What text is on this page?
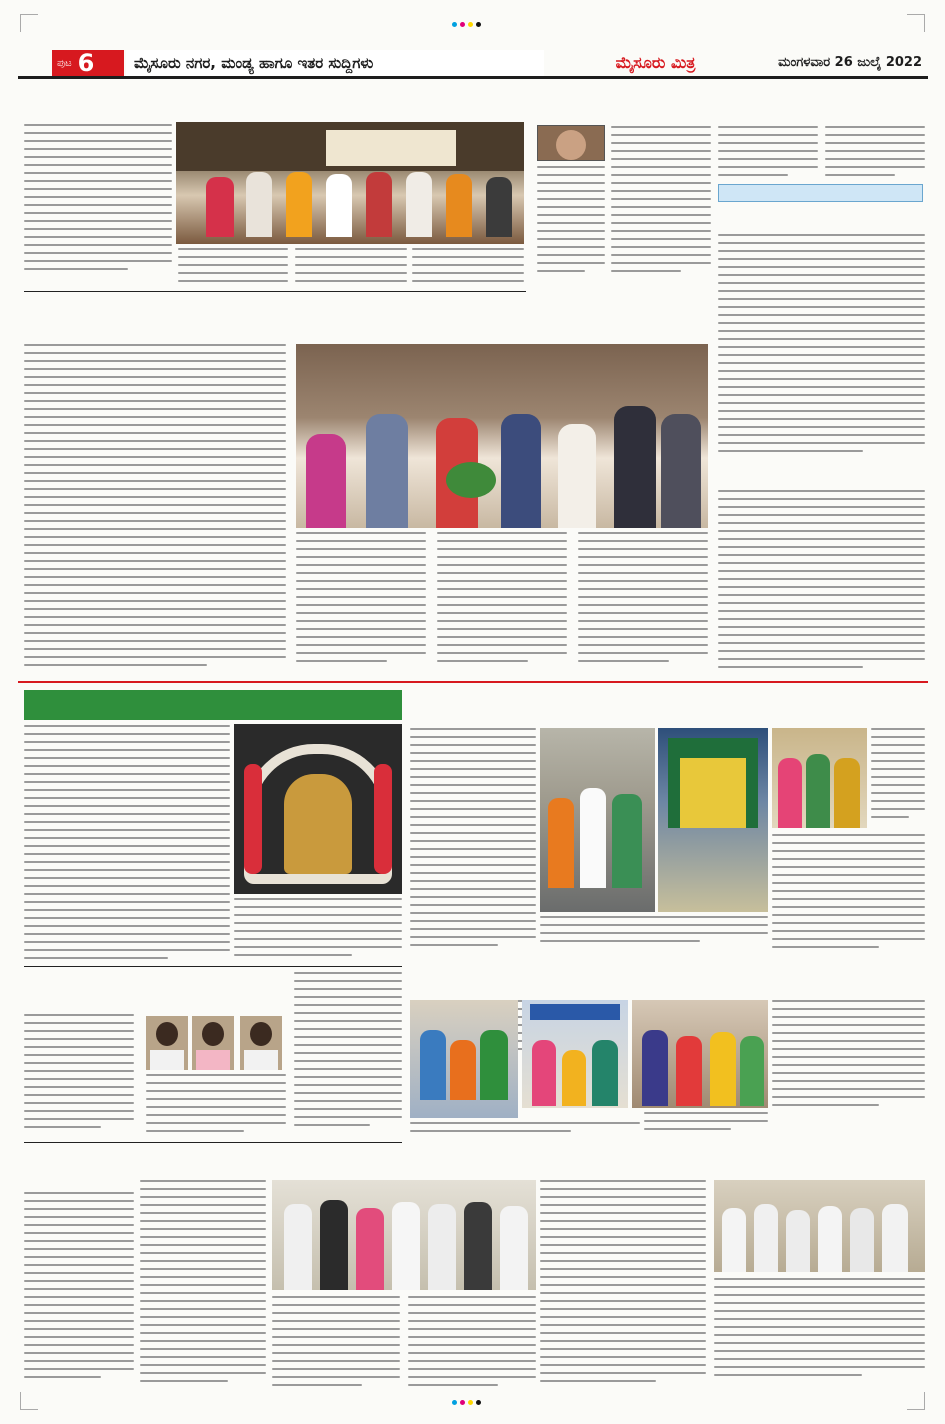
ಪುಟ 6	ಮೈಸೂರು ನಗರ, ಮಂಡ್ಯ ಹಾಗೂ ಇತರ ಸುದ್ದಿಗಳು	ಮೈಸೂರು ಮಿತ್ರ	ಮಂಗಳವಾರ 26 ಜುಲೈ 2022
